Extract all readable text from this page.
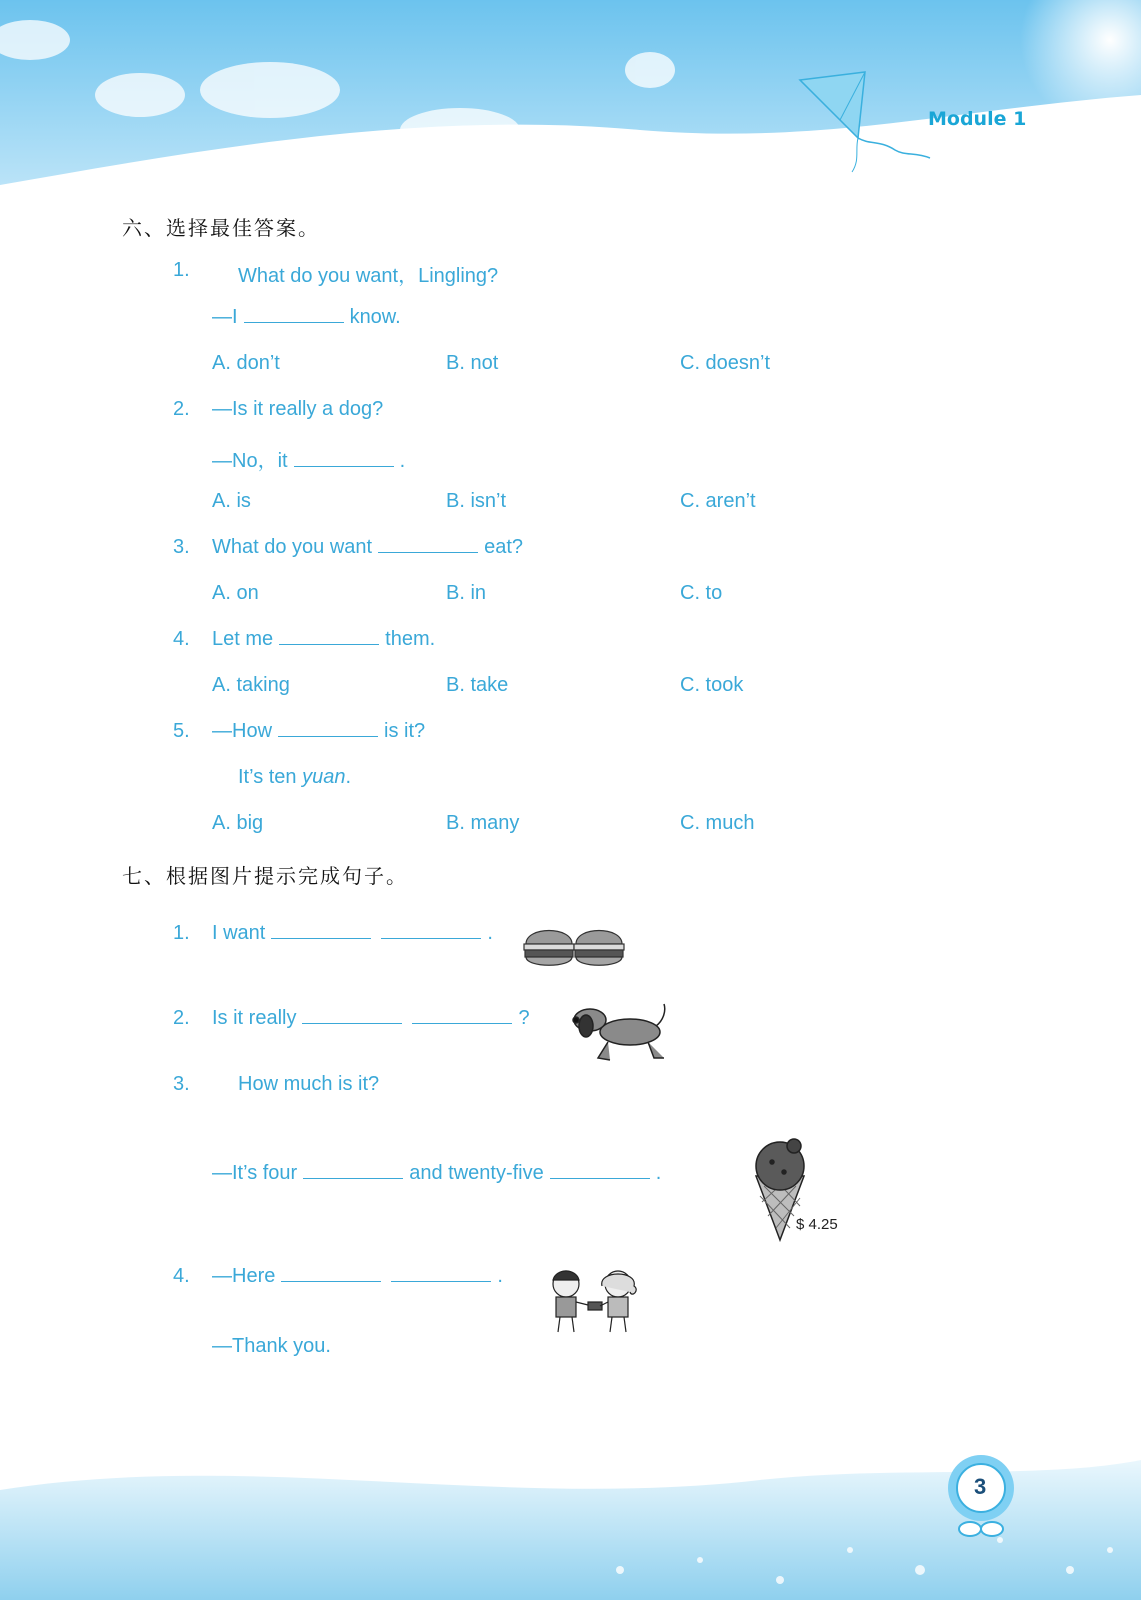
Module 1
六、选择最佳答案。
1. What do you want，Lingling?
—I	know.
A. don’t	B. not	C. doesn’t
2. —Is it really a dog?
—No，it	.
A. is	B. isn’t	C. aren’t
3. What do you want	eat?
A. on	B. in	C. to
4. Let me	them.
A. taking	B. take	C. took
5. —How	is it?
It’s ten yuan.
A. big	B. many	C. much
七、根据图片提示完成句子。
1. I want	.
2. Is it really	?
3. How much is it?
—It’s four	and twenty-five	.
$ 4.25
4. —Here	.
—Thank you.
3
